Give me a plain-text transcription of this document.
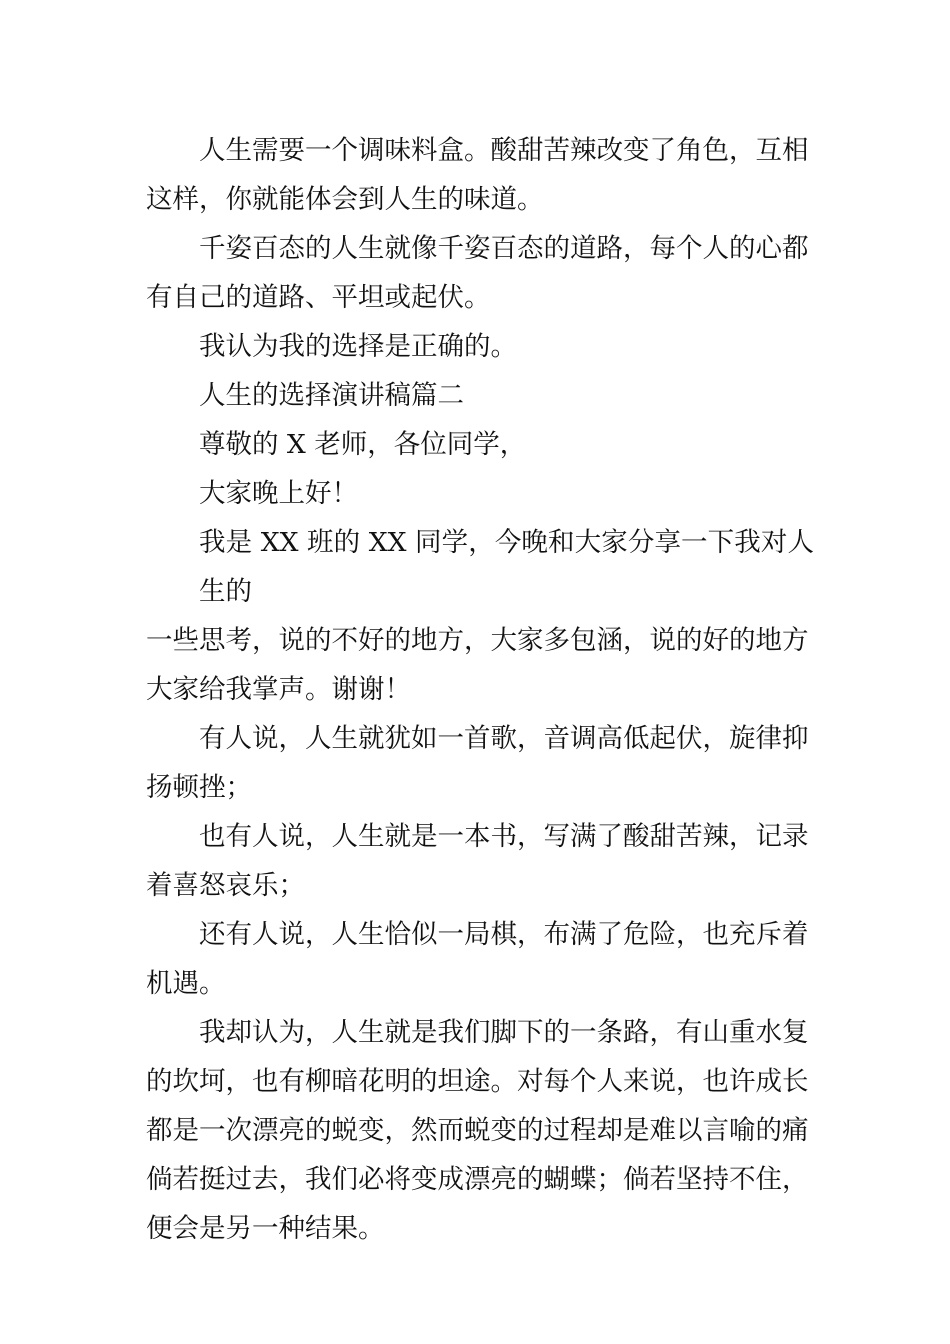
人生需要一个调味料盒。酸甜苦辣改变了角色，互相
这样，你就能体会到人生的味道。
千姿百态的人生就像千姿百态的道路，每个人的心都
有自己的道路、平坦或起伏。
我认为我的选择是正确的。
人生的选择演讲稿篇二
尊敬的 X 老师，各位同学，
大家晚上好！
我是 XX 班的 XX 同学，今晚和大家分享一下我对人生的
一些思考，说的不好的地方，大家多包涵，说的好的地方
大家给我掌声。谢谢！
有人说，人生就犹如一首歌，音调高低起伏，旋律抑
扬顿挫；
也有人说，人生就是一本书，写满了酸甜苦辣，记录
着喜怒哀乐；
还有人说，人生恰似一局棋，布满了危险，也充斥着
机遇。
我却认为，人生就是我们脚下的一条路，有山重水复
的坎坷，也有柳暗花明的坦途。对每个人来说，也许成长
都是一次漂亮的蜕变，然而蜕变的过程却是难以言喻的痛
倘若挺过去，我们必将变成漂亮的蝴蝶；倘若坚持不住，
便会是另一种结果。
